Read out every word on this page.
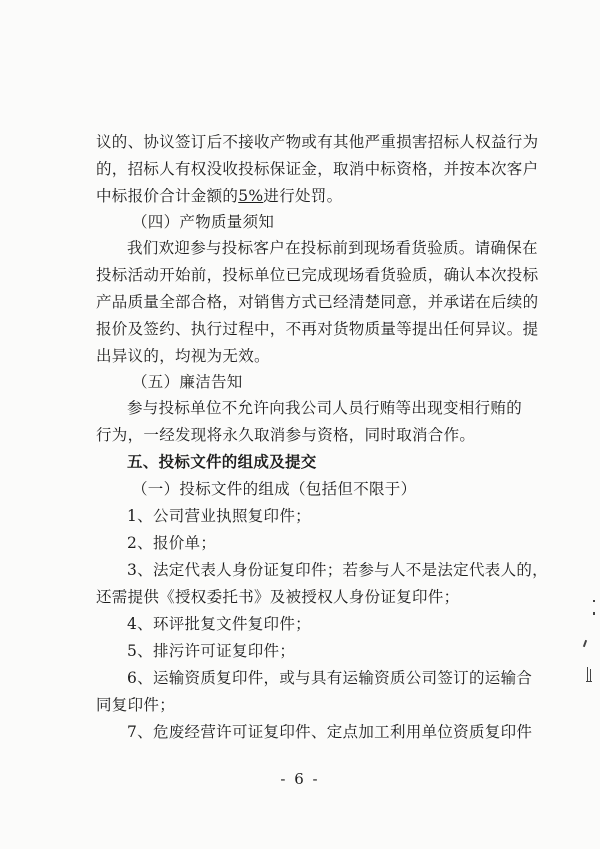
议的、协议签订后不接收产物或有其他严重损害招标人权益行为
的，招标人有权没收投标保证金，取消中标资格，并按本次客户
中标报价合计金额的5%进行处罚。
（四）产物质量须知
我们欢迎参与投标客户在投标前到现场看货验质。请确保在
投标活动开始前，投标单位已完成现场看货验质，确认本次投标
产品质量全部合格，对销售方式已经清楚同意，并承诺在后续的
报价及签约、执行过程中，不再对货物质量等提出任何异议。提
出异议的，均视为无效。
（五）廉洁告知
参与投标单位不允许向我公司人员行贿等出现变相行贿的
行为，一经发现将永久取消参与资格，同时取消合作。
五、投标文件的组成及提交
（一）投标文件的组成（包括但不限于）
1、公司营业执照复印件；
2、报价单；
3、法定代表人身份证复印件；若参与人不是法定代表人的，
还需提供《授权委托书》及被授权人身份证复印件；
4、环评批复文件复印件；
5、排污许可证复印件；
6、运输资质复印件，或与具有运输资质公司签订的运输合
同复印件；
7、危废经营许可证复印件、定点加工利用单位资质复印件
- 6 -
